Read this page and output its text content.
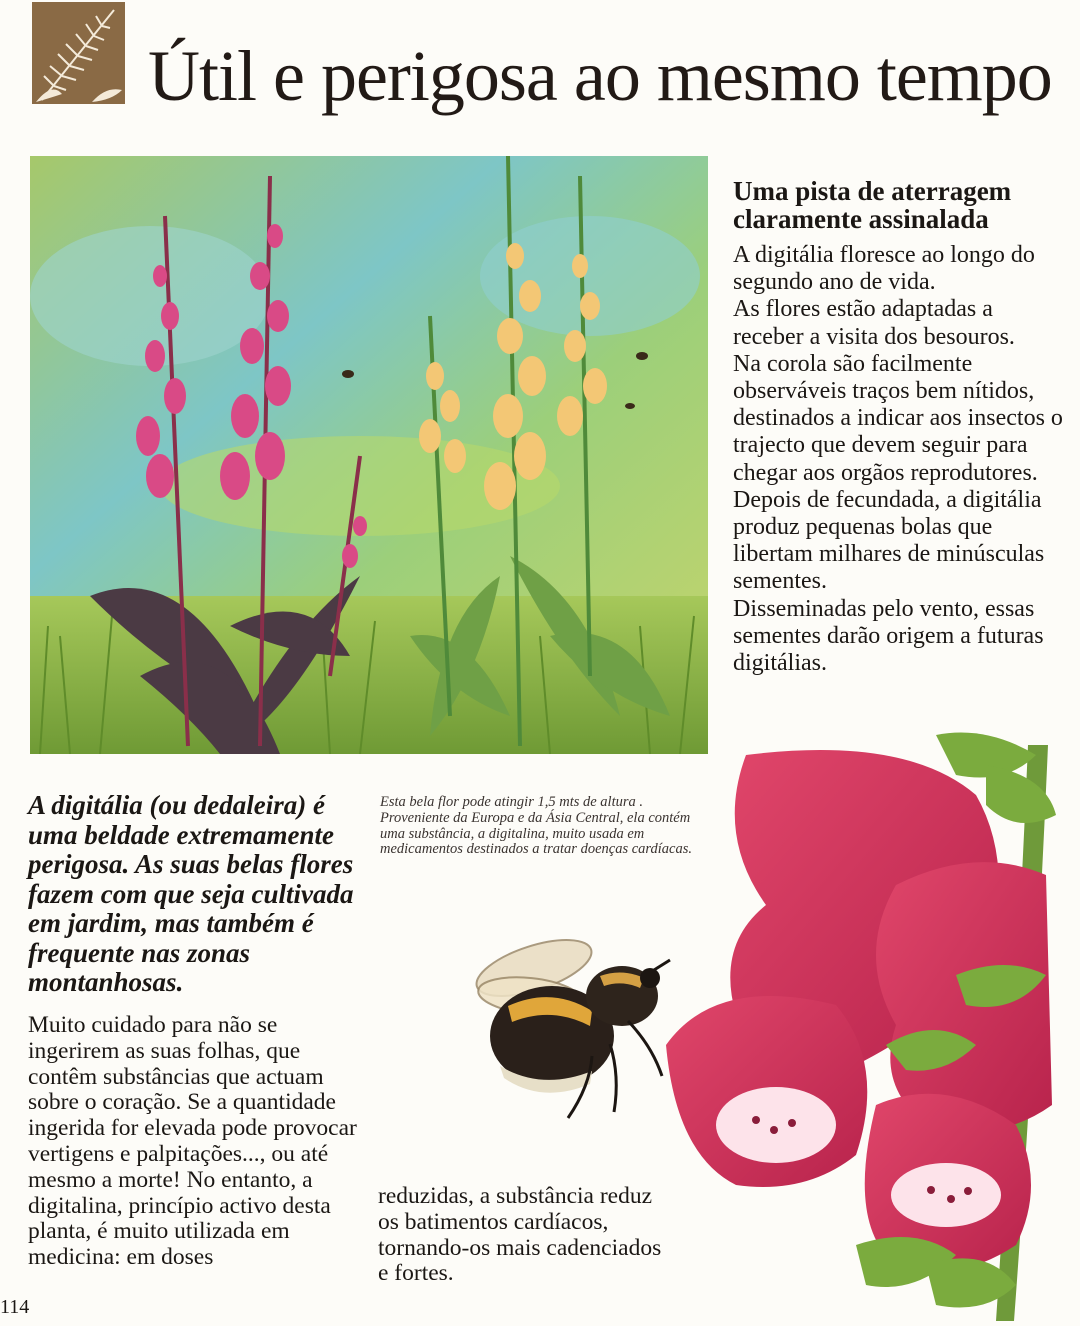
Útil e perigosa ao mesmo tempo
Uma pista de aterragem claramente assinalada

A digitália floresce ao longo do segundo ano de vida.

As flores estão adaptadas a receber a visita dos besouros.

Na corola são facilmente observáveis traços bem nítidos, destinados a indicar aos insectos o trajecto que devem seguir para chegar aos orgãos reprodutores.

Depois de fecundada, a digitália produz pequenas bolas que libertam milhares de minúsculas sementes.

Disseminadas pelo vento, essas sementes darão origem a futuras digitálias.

A digitália (ou dedaleira) é uma beldade extremamente perigosa. As suas belas flores fazem com que seja cultivada em jardim, mas também é frequente nas zonas montanhosas.
Esta bela flor pode atingir 1,5 mts de altura . Proveniente da Europa e da Ásia Central, ela contém uma substância, a digitalina, muito usada em medicamentos destinados a tratar doenças cardíacas.
Muito cuidado para não se ingerirem as suas folhas, que contêm substâncias que actuam sobre o coração. Se a quantidade ingerida for elevada pode provocar vertigens e palpitações..., ou até mesmo a morte! No entanto, a digitalina, princípio activo desta planta, é muito utilizada em medicina: em doses
reduzidas, a substância reduz os batimentos cardíacos, tornando-os mais cadenciados e fortes.
114
